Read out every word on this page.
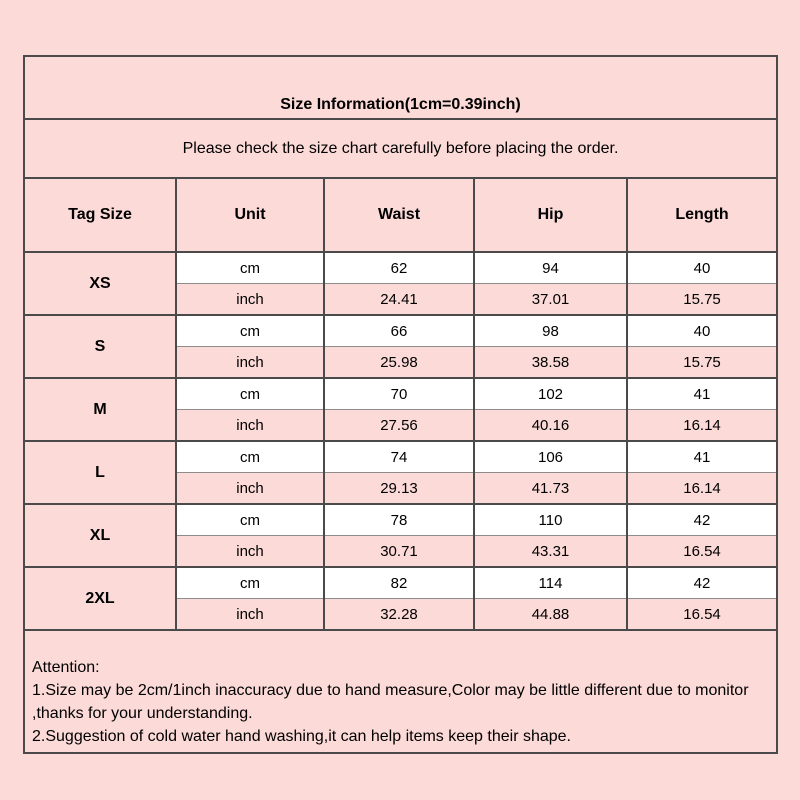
Size Information(1cm=0.39inch)				
Please check the size chart carefully before placing the order.				
Tag Size	Unit	Waist	Hip	Length
XS	cm	62	94	40
	inch	24.41	37.01	15.75
S	cm	66	98	40
	inch	25.98	38.58	15.75
M	cm	70	102	41
	inch	27.56	40.16	16.14
L	cm	74	106	41
	inch	29.13	41.73	16.14
XL	cm	78	110	42
	inch	30.71	43.31	16.54
2XL	cm	82	114	42
	inch	32.28	44.88	16.54

Attention:
1.Size may be 2cm/1inch inaccuracy due to hand measure,Color may be little different due to monitor
,thanks for your understanding.
2.Suggestion of cold water hand washing,it can help items keep their shape.				
